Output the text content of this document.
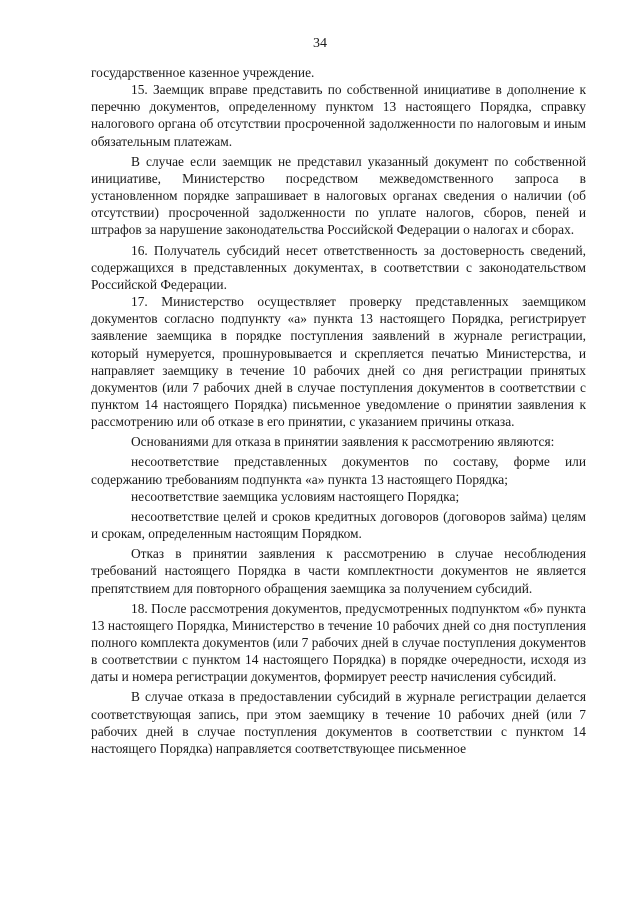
34

государственное казенное учреждение.

15. Заемщик вправе представить по собственной инициативе в дополнение к перечню документов, определенному пунктом 13 настоящего Порядка, справку налогового органа об отсутствии просроченной задолженности по налоговым и иным обязательным платежам.

В случае если заемщик не представил указанный документ по собственной инициативе, Министерство посредством межведомственного запроса в установленном порядке запрашивает в налоговых органах сведения о наличии (об отсутствии) просроченной задолженности по уплате налогов, сборов, пеней и штрафов за нарушение законодательства Российской Федерации о налогах и сборах.

16. Получатель субсидий несет ответственность за достоверность сведений, содержащихся в представленных документах, в соответствии с законодательством Российской Федерации.

17. Министерство осуществляет проверку представленных заемщиком документов согласно подпункту «а» пункта 13 настоящего Порядка, регистрирует заявление заемщика в порядке поступления заявлений в журнале регистрации, который нумеруется, прошнуровывается и скрепляется печатью Министерства, и направляет заемщику в течение 10 рабочих дней со дня регистрации принятых документов (или 7 рабочих дней в случае поступления документов в соответствии с пунктом 14 настоящего Порядка) письменное уведомление о принятии заявления к рассмотрению или об отказе в его принятии, с указанием причины отказа.

Основаниями для отказа в принятии заявления к рассмотрению являются:

несоответствие представленных документов по составу, форме или содержанию требованиям подпункта «а» пункта 13 настоящего Порядка;

несоответствие заемщика условиям настоящего Порядка;

несоответствие целей и сроков кредитных договоров (договоров займа) целям и срокам, определенным настоящим Порядком.

Отказ в принятии заявления к рассмотрению в случае несоблюдения требований настоящего Порядка в части комплектности документов не является препятствием для повторного обращения заемщика за получением субсидий.

18. После рассмотрения документов, предусмотренных подпунктом «б» пункта 13 настоящего Порядка, Министерство в течение 10 рабочих дней со дня поступления полного комплекта документов (или 7 рабочих дней в случае поступления документов в соответствии с пунктом 14 настоящего Порядка) в порядке очередности, исходя из даты и номера регистрации документов, формирует реестр начисления субсидий.

В случае отказа в предоставлении субсидий в журнале регистрации делается соответствующая запись, при этом заемщику в течение 10 рабочих дней (или 7 рабочих дней в случае поступления документов в соответствии с пунктом 14 настоящего Порядка) направляется соответствующее письменное
